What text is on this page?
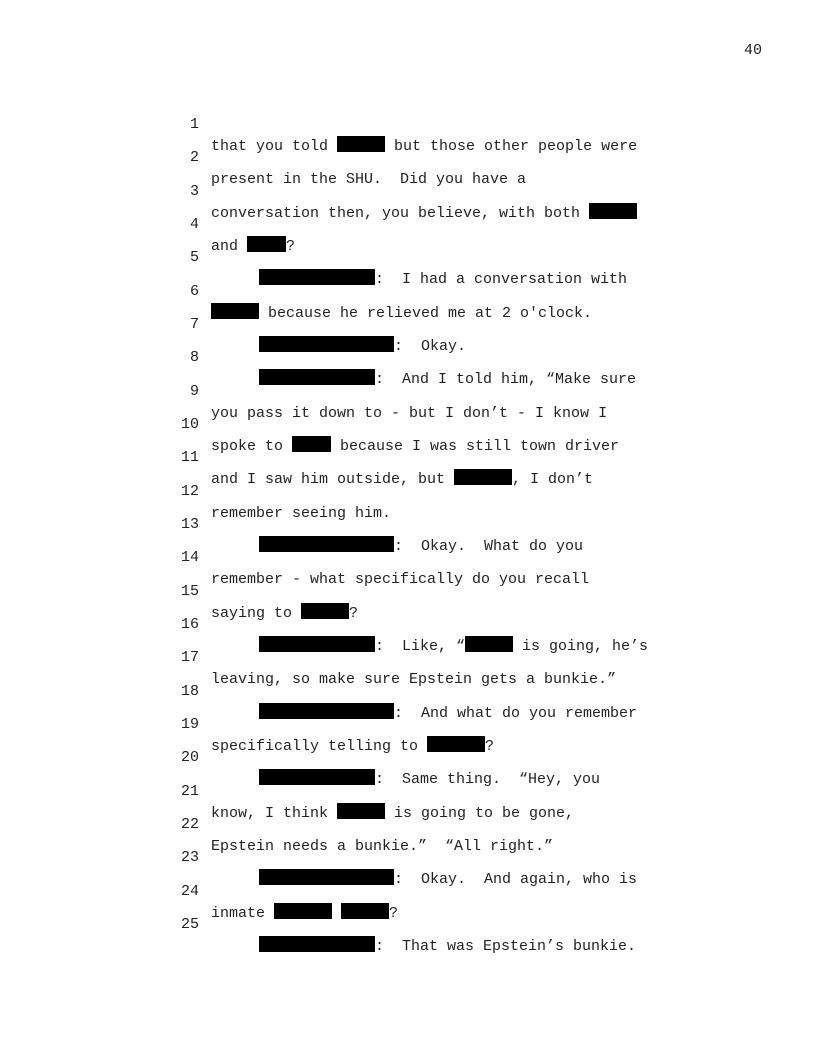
40

1

that you told	but those other people were

2

present in the SHU.  Did you have a

3

conversation then, you believe, with both

4

and	?

5

:  I had a conversation with

6

because he relieved me at 2 o'clock.

7

:  Okay.

8

:  And I told him, “Make sure

9

you pass it down to - but I don’t - I know I

10

spoke to	because I was still town driver

11

and I saw him outside, but	, I don’t

12

remember seeing him.

13

:  Okay.  What do you

14

remember - what specifically do you recall

15

saying to	?

16

:  Like, “	is going, he’s

17

leaving, so make sure Epstein gets a bunkie.”

18

:  And what do you remember

19

specifically telling to	?

20

:  Same thing.  “Hey, you

21

know, I think	is going to be gone,

22

Epstein needs a bunkie.”  “All right.”

23

:  Okay.  And again, who is

24

inmate	?

25

:  That was Epstein’s bunkie.
